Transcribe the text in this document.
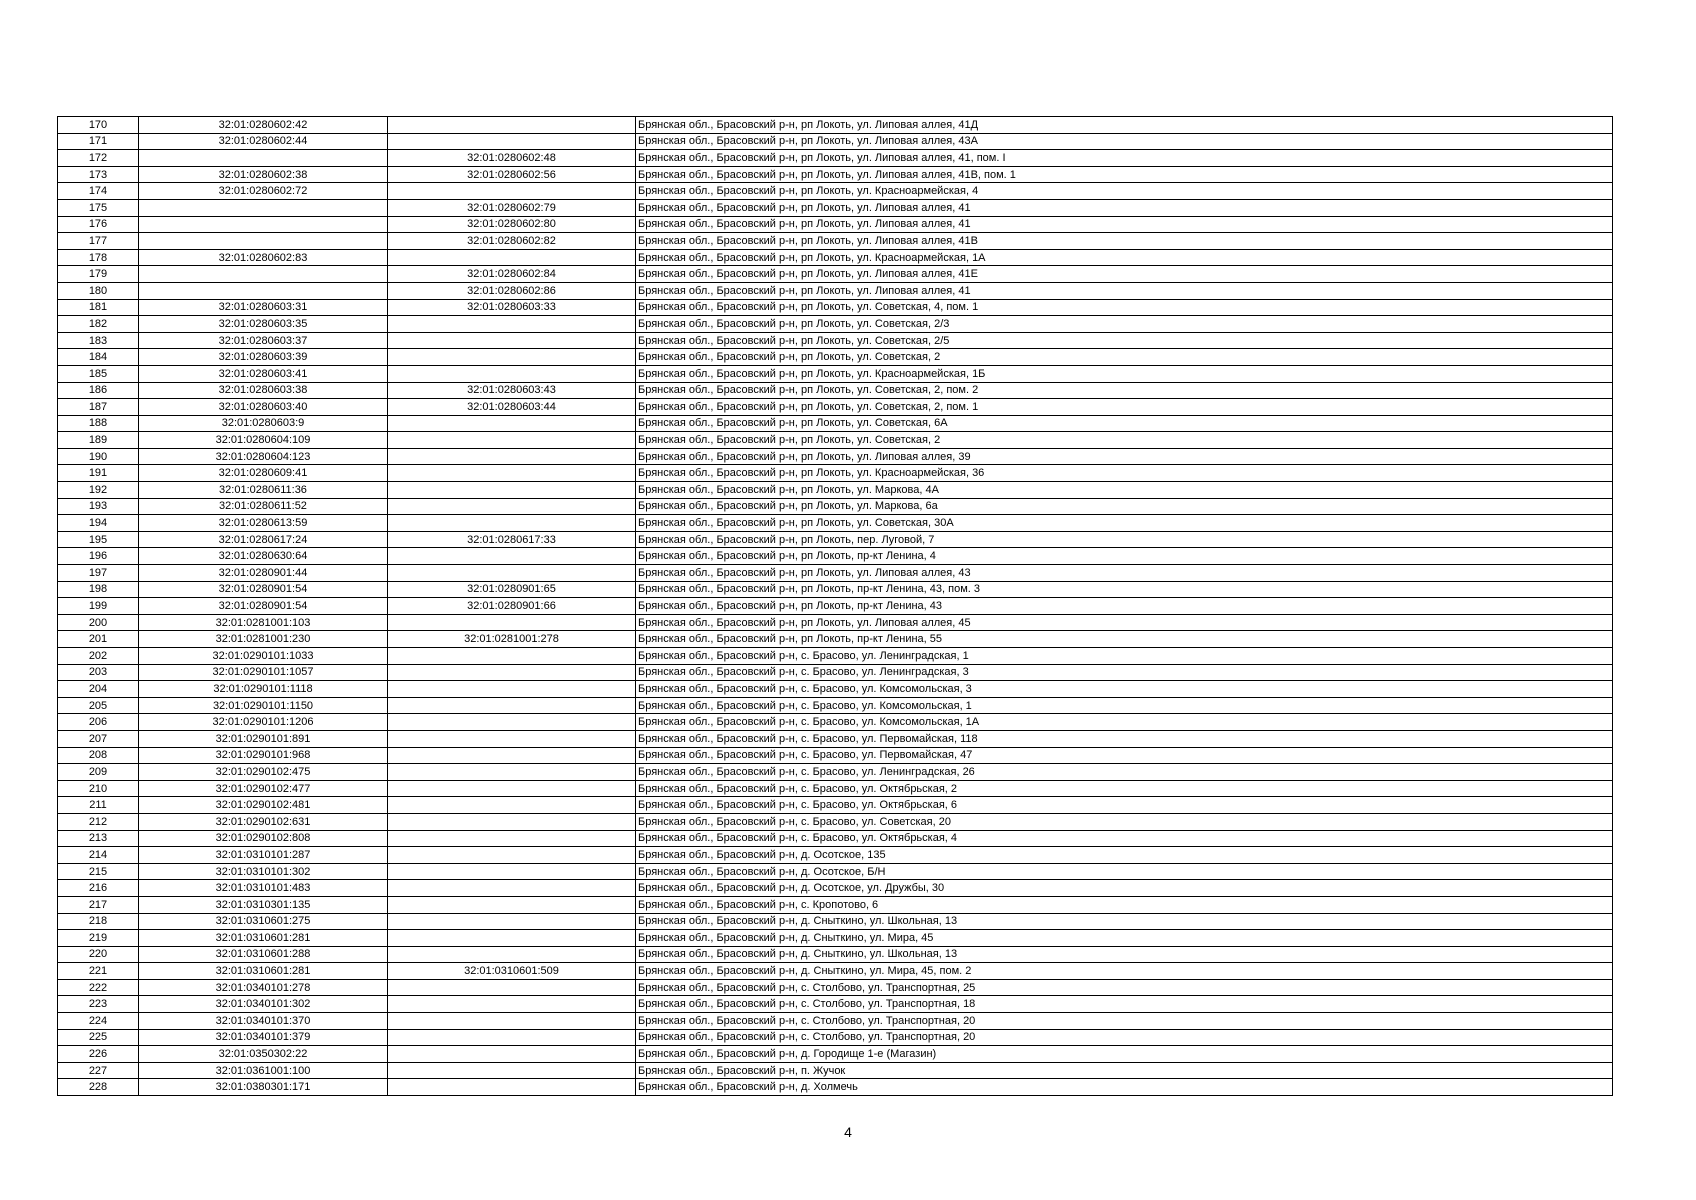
170	32:01:0280602:42		Брянская обл., Брасовский р-н, рп Локоть, ул. Липовая аллея, 41Д
171	32:01:0280602:44		Брянская обл., Брасовский р-н, рп Локоть, ул. Липовая аллея, 43А
172		32:01:0280602:48	Брянская обл., Брасовский р-н, рп Локоть, ул. Липовая аллея, 41, пом. I
173	32:01:0280602:38	32:01:0280602:56	Брянская обл., Брасовский р-н, рп Локоть, ул. Липовая аллея, 41В, пом. 1
174	32:01:0280602:72		Брянская обл., Брасовский р-н, рп Локоть, ул. Красноармейская, 4
175		32:01:0280602:79	Брянская обл., Брасовский р-н, рп Локоть, ул. Липовая аллея, 41
176		32:01:0280602:80	Брянская обл., Брасовский р-н, рп Локоть, ул. Липовая аллея, 41
177		32:01:0280602:82	Брянская обл., Брасовский р-н, рп Локоть, ул. Липовая аллея, 41В
178	32:01:0280602:83		Брянская обл., Брасовский р-н, рп Локоть, ул. Красноармейская, 1А
179		32:01:0280602:84	Брянская обл., Брасовский р-н, рп Локоть, ул. Липовая аллея, 41Е
180		32:01:0280602:86	Брянская обл., Брасовский р-н, рп Локоть, ул. Липовая аллея, 41
181	32:01:0280603:31	32:01:0280603:33	Брянская обл., Брасовский р-н, рп Локоть, ул. Советская, 4, пом. 1
182	32:01:0280603:35		Брянская обл., Брасовский р-н, рп Локоть, ул. Советская, 2/3
183	32:01:0280603:37		Брянская обл., Брасовский р-н, рп Локоть, ул. Советская, 2/5
184	32:01:0280603:39		Брянская обл., Брасовский р-н, рп Локоть, ул. Советская, 2
185	32:01:0280603:41		Брянская обл., Брасовский р-н, рп Локоть, ул. Красноармейская, 1Б
186	32:01:0280603:38	32:01:0280603:43	Брянская обл., Брасовский р-н, рп Локоть, ул. Советская, 2, пом. 2
187	32:01:0280603:40	32:01:0280603:44	Брянская обл., Брасовский р-н, рп Локоть, ул. Советская, 2, пом. 1
188	32:01:0280603:9		Брянская обл., Брасовский р-н, рп Локоть, ул. Советская, 6А
189	32:01:0280604:109		Брянская обл., Брасовский р-н, рп Локоть, ул. Советская, 2
190	32:01:0280604:123		Брянская обл., Брасовский р-н, рп Локоть, ул. Липовая аллея, 39
191	32:01:0280609:41		Брянская обл., Брасовский р-н, рп Локоть, ул. Красноармейская, 36
192	32:01:0280611:36		Брянская обл., Брасовский р-н, рп Локоть, ул. Маркова, 4А
193	32:01:0280611:52		Брянская обл., Брасовский р-н, рп Локоть, ул. Маркова, 6а
194	32:01:0280613:59		Брянская обл., Брасовский р-н, рп Локоть, ул. Советская, 30А
195	32:01:0280617:24	32:01:0280617:33	Брянская обл., Брасовский р-н, рп Локоть, пер. Луговой, 7
196	32:01:0280630:64		Брянская обл., Брасовский р-н, рп Локоть, пр-кт Ленина, 4
197	32:01:0280901:44		Брянская обл., Брасовский р-н, рп Локоть, ул. Липовая аллея, 43
198	32:01:0280901:54	32:01:0280901:65	Брянская обл., Брасовский р-н, рп Локоть, пр-кт Ленина, 43, пом. 3
199	32:01:0280901:54	32:01:0280901:66	Брянская обл., Брасовский р-н, рп Локоть, пр-кт Ленина, 43
200	32:01:0281001:103		Брянская обл., Брасовский р-н, рп Локоть, ул. Липовая аллея, 45
201	32:01:0281001:230	32:01:0281001:278	Брянская обл., Брасовский р-н, рп Локоть, пр-кт Ленина, 55
202	32:01:0290101:1033		Брянская обл., Брасовский р-н, с. Брасово, ул. Ленинградская, 1
203	32:01:0290101:1057		Брянская обл., Брасовский р-н, с. Брасово, ул. Ленинградская, 3
204	32:01:0290101:1118		Брянская обл., Брасовский р-н, с. Брасово, ул. Комсомольская, 3
205	32:01:0290101:1150		Брянская обл., Брасовский р-н, с. Брасово, ул. Комсомольская, 1
206	32:01:0290101:1206		Брянская обл., Брасовский р-н, с. Брасово, ул. Комсомольская, 1А
207	32:01:0290101:891		Брянская обл., Брасовский р-н, с. Брасово, ул. Первомайская, 118
208	32:01:0290101:968		Брянская обл., Брасовский р-н, с. Брасово, ул. Первомайская, 47
209	32:01:0290102:475		Брянская обл., Брасовский р-н, с. Брасово, ул. Ленинградская, 26
210	32:01:0290102:477		Брянская обл., Брасовский р-н, с. Брасово, ул. Октябрьская, 2
211	32:01:0290102:481		Брянская обл., Брасовский р-н, с. Брасово, ул. Октябрьская, 6
212	32:01:0290102:631		Брянская обл., Брасовский р-н, с. Брасово, ул. Советская, 20
213	32:01:0290102:808		Брянская обл., Брасовский р-н, с. Брасово, ул. Октябрьская, 4
214	32:01:0310101:287		Брянская обл., Брасовский р-н, д. Осотское, 135
215	32:01:0310101:302		Брянская обл., Брасовский р-н, д. Осотское, Б/Н
216	32:01:0310101:483		Брянская обл., Брасовский р-н, д. Осотское, ул. Дружбы, 30
217	32:01:0310301:135		Брянская обл., Брасовский р-н, с. Кропотово, 6
218	32:01:0310601:275		Брянская обл., Брасовский р-н, д. Сныткино, ул. Школьная, 13
219	32:01:0310601:281		Брянская обл., Брасовский р-н, д. Сныткино, ул. Мира, 45
220	32:01:0310601:288		Брянская обл., Брасовский р-н, д. Сныткино, ул. Школьная, 13
221	32:01:0310601:281	32:01:0310601:509	Брянская обл., Брасовский р-н, д. Сныткино, ул. Мира, 45, пом. 2
222	32:01:0340101:278		Брянская обл., Брасовский р-н, с. Столбово, ул. Транспортная, 25
223	32:01:0340101:302		Брянская обл., Брасовский р-н, с. Столбово, ул. Транспортная, 18
224	32:01:0340101:370		Брянская обл., Брасовский р-н, с. Столбово, ул. Транспортная, 20
225	32:01:0340101:379		Брянская обл., Брасовский р-н, с. Столбово, ул. Транспортная, 20
226	32:01:0350302:22		Брянская обл., Брасовский р-н, д. Городище 1-е (Магазин)
227	32:01:0361001:100		Брянская обл., Брасовский р-н, п. Жучок
228	32:01:0380301:171		Брянская обл., Брасовский р-н, д. Холмечь
4
